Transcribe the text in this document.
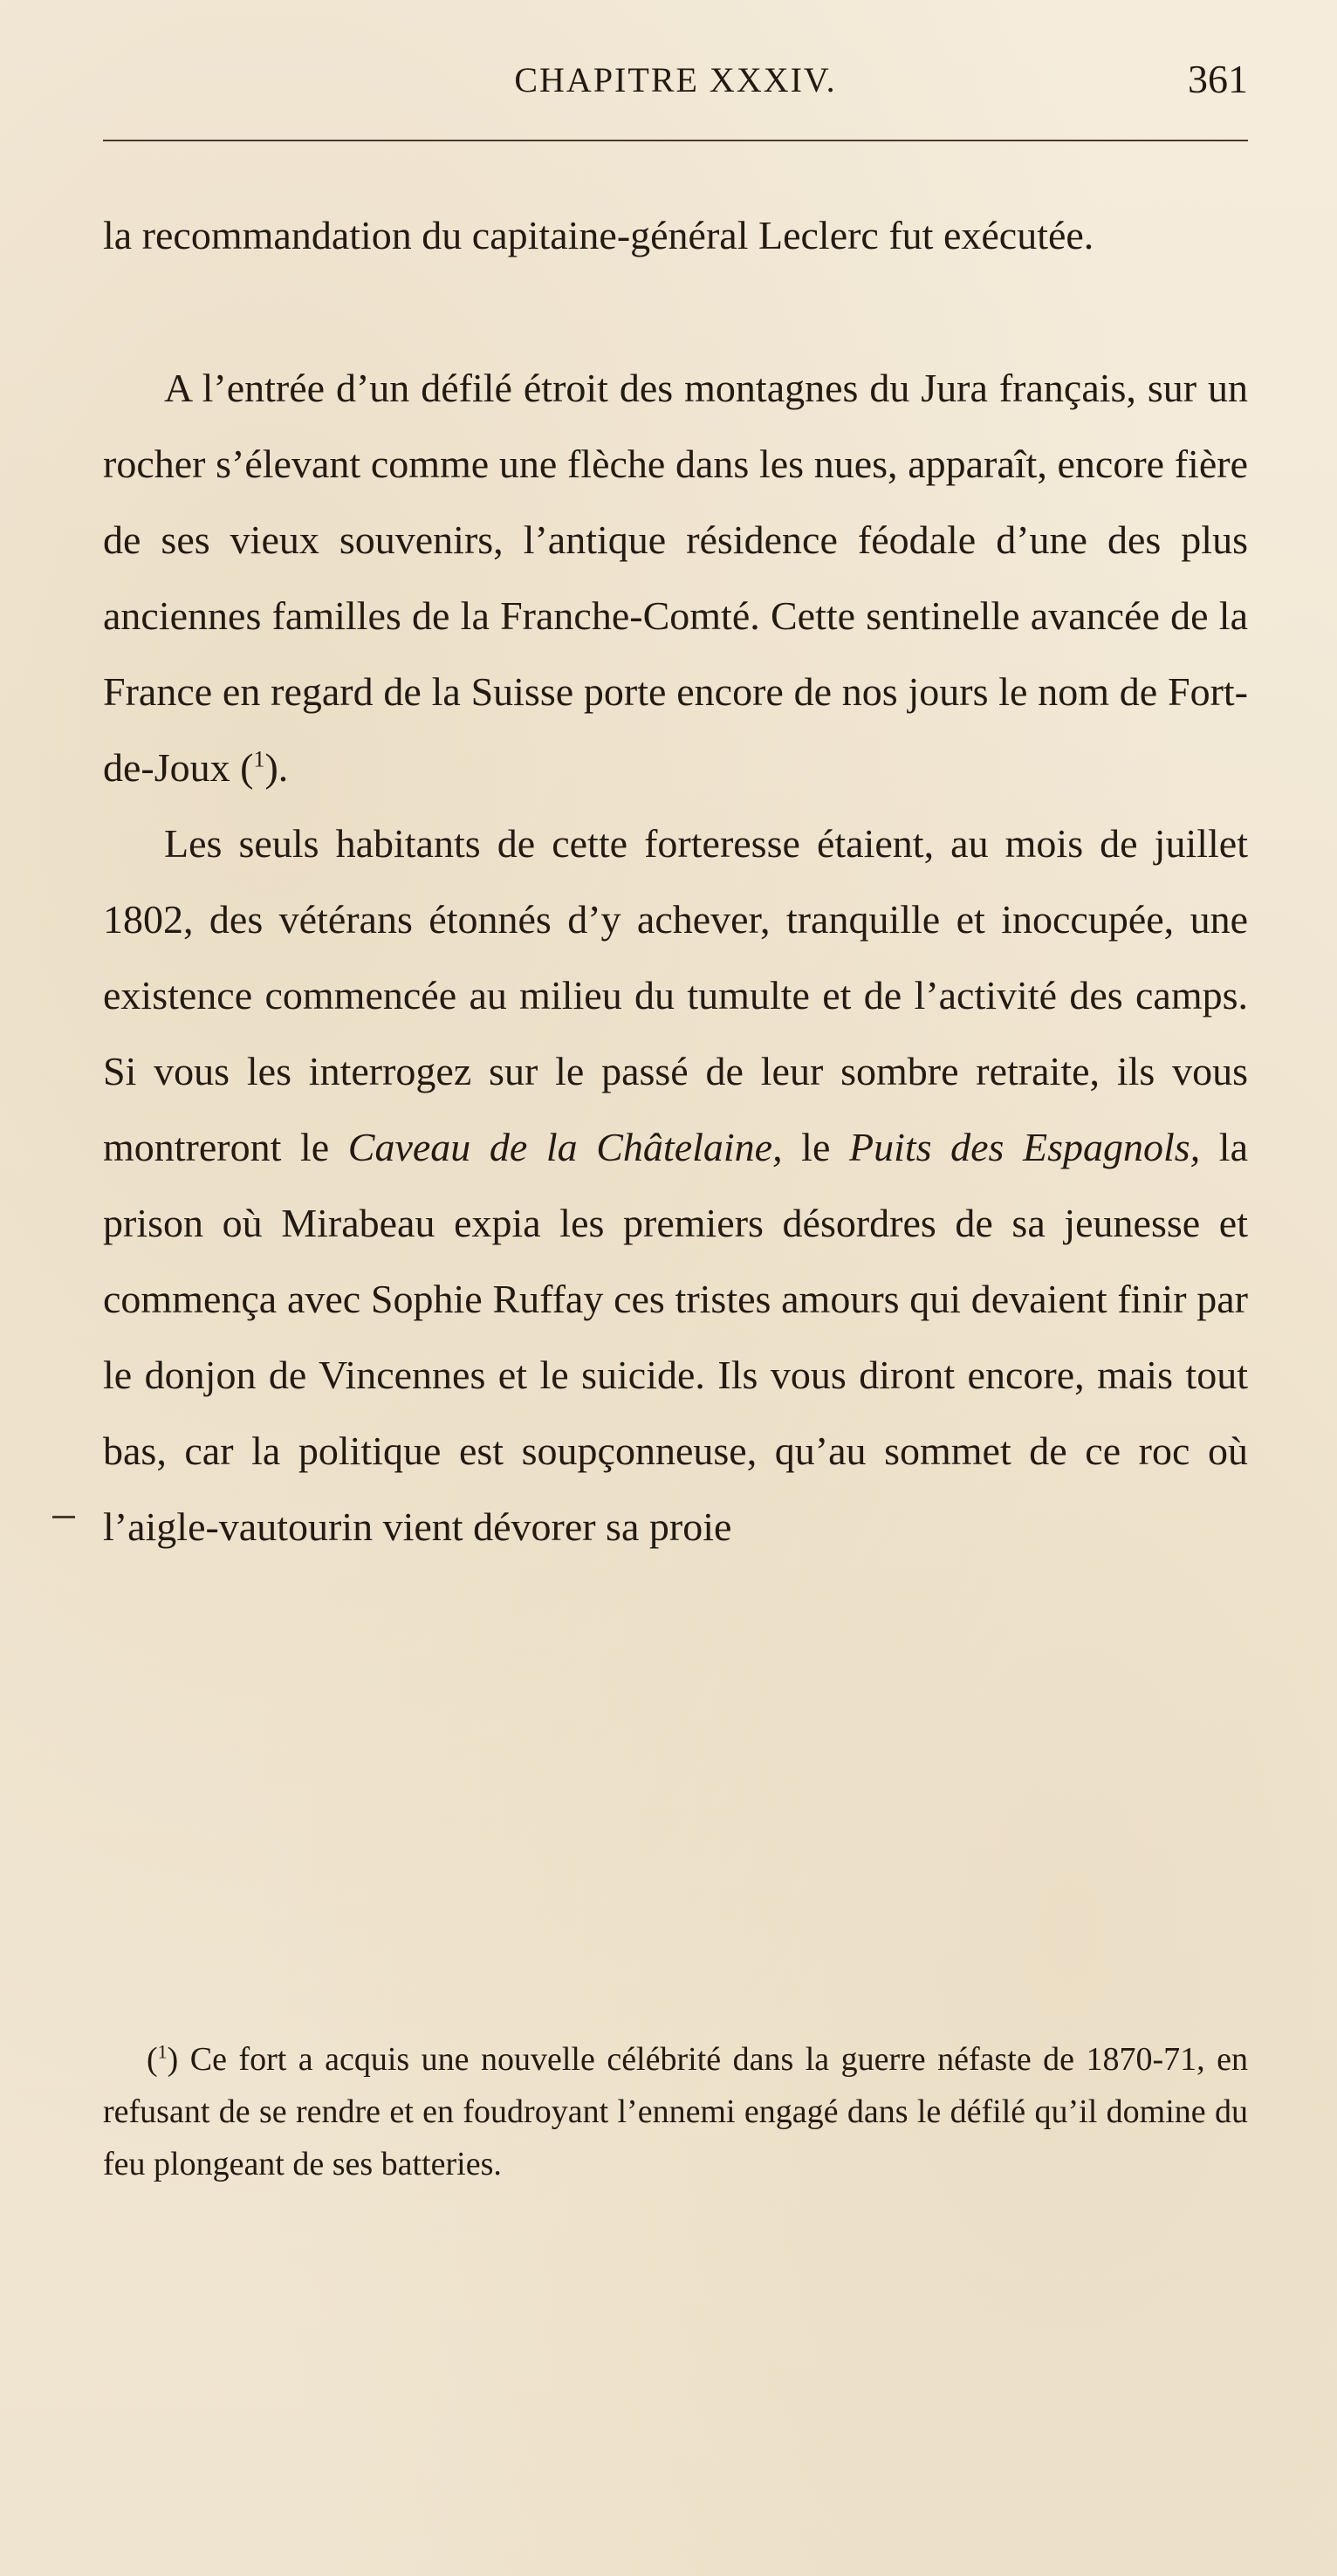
CHAPITRE XXXIV.	361

la recommandation du capitaine-général Leclerc fut exécutée.

A l’entrée d’un défilé étroit des montagnes du Jura français, sur un rocher s’élevant comme une flèche dans les nues, apparaît, encore fière de ses vieux souvenirs, l’antique résidence féodale d’une des plus anciennes familles de la Franche-Comté. Cette sentinelle avancée de la France en regard de la Suisse porte encore de nos jours le nom de Fort-de-Joux ($^1$).

Les seuls habitants de cette forteresse étaient, au mois de juillet 1802, des vétérans étonnés d’y achever, tranquille et inoccupée, une existence commencée au milieu du tumulte et de l’activité des camps. Si vous les interrogez sur le passé de leur sombre retraite, ils vous montreront le Caveau de la Châtelaine, le Puits des Espagnols, la prison où Mirabeau expia les premiers désordres de sa jeunesse et commença avec Sophie Ruffay ces tristes amours qui devaient finir par le donjon de Vincennes et le suicide. Ils vous diront encore, mais tout bas, car la politique est soupçonneuse, qu’au sommet de ce roc où l’aigle-vautourin vient dévorer sa proie

($^1$) Ce fort a acquis une nouvelle célébrité dans la guerre néfaste de 1870-71, en refusant de se rendre et en foudroyant l’ennemi engagé dans le défilé qu’il domine du feu plongeant de ses batteries.
